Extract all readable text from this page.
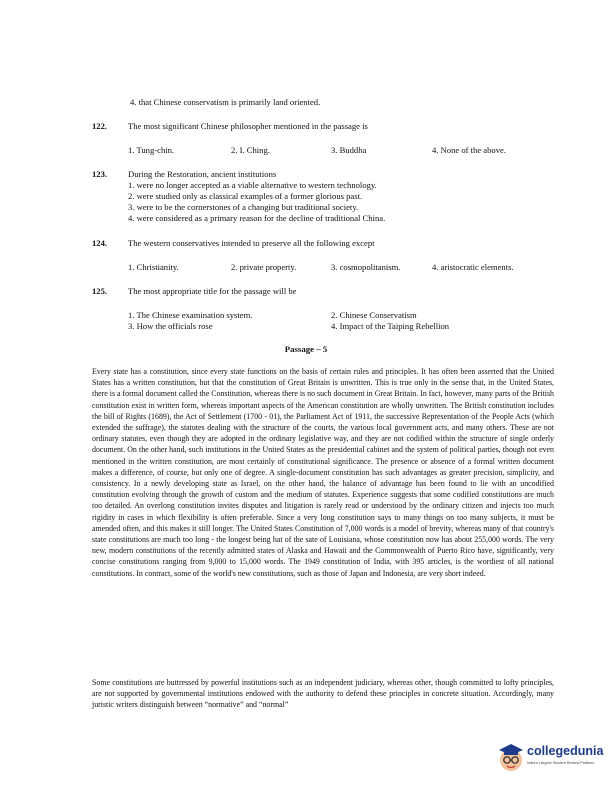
4. that Chinese conservatism is primarily land oriented.
122. The most significant Chinese philosopher mentioned in the passage is
1. Tung-chin.	2. I. Ching.	3. Buddha	4. None of the above.
123. During the Restoration, ancient institutions
1. were no longer accepted as a viable alternative to western technology.
2. were studied only as classical examples of a former glorious past.
3. were to be the cornerstones of a changing but traditional society.
4. were considered as a primary reason for the decline of traditional China.
124. The western conservatives intended to preserve all the following except
1. Christianity.	2. private property.	3. cosmopolitanism.	4. aristocratic elements.
125. The most appropriate title for the passage will be
1. The Chinese examination system.	2. Chinese Conservatism
3. How the officials rose	4. Impact of the Taiping Rebellion
Passage – 5
Every state has a constitution, since every state functions on the basis of certain rules and principles. It has often been asserted that the United States has a written constitution, but that the constitution of Great Britain is unwritten. This is true only in the sense that, in the United States, there is a formal document called the Constitution, whereas there is no such document in Great Britain. In fact, however, many parts of the British constitution exist in written form, whereas important aspects of the American constitution are wholly unwritten. The British constitution includes the bill of Rights (1689), the Act of Settlement (1700 - 01), the Parliament Act of 1911, the successive Representation of the People Acts (which extended the suffrage), the statutes dealing with the structure of the courts, the various local government acts, and many others. These are not ordinary statutes, even though they are adopted in the ordinary legislative way, and they are not codified within the structure of single orderly document. On the other hand, such institutions in the United States as the presidential cabinet and the system of political parties, though not even mentioned in the written constitution, are most certainly of constitutional significance. The presence or absence of a formal written document makes a difference, of course, but only one of degree. A single-document constitution has such advantages as greater precision, simplicity, and consistency. In a newly developing state as Israel, on the other hand, the balance of advantage has been found to lie with an uncodified constitution evolving through the growth of custom and the medium of statutes. Experience suggests that some codified constitutions are much too detailed. An overlong constitution invites disputes and litigation is rarely read or understood by the ordinary citizen and injects too much rigidity in cases in which flexibility is often preferable. Since a very long constitution says to many things on too many subjects, it must be amended often, and this makes it still longer. The United States Constitution of 7,000 words is a model of brevity, whereas many of that country's state constitutions are much too long - the longest being hat of the sate of Louisiana, whose constitution now has about 255,000 words. The very new, modern constitutions of the recently admitted states of Alaska and Hawaii and the Commonwealth of Puerto Rico have, significantly, very concise constitutions ranging from 9,000 to 15,000 words. The 1949 constitution of India, with 395 articles, is the wordiest of all national constitutions. In contract, some of the world's new constitutions, such as those of Japan and Indonesia, are very short indeed.
Some constitutions are buttressed by powerful institutions such as an independent judiciary, whereas other, though committed to lofty principles, are not supported by governmental institutions endowed with the authority to defend these principles in concrete situation. Accordingly, many juristic writers distinguish between “normative” and “normal”
collegedunia
India's Largest Student Review Platform
